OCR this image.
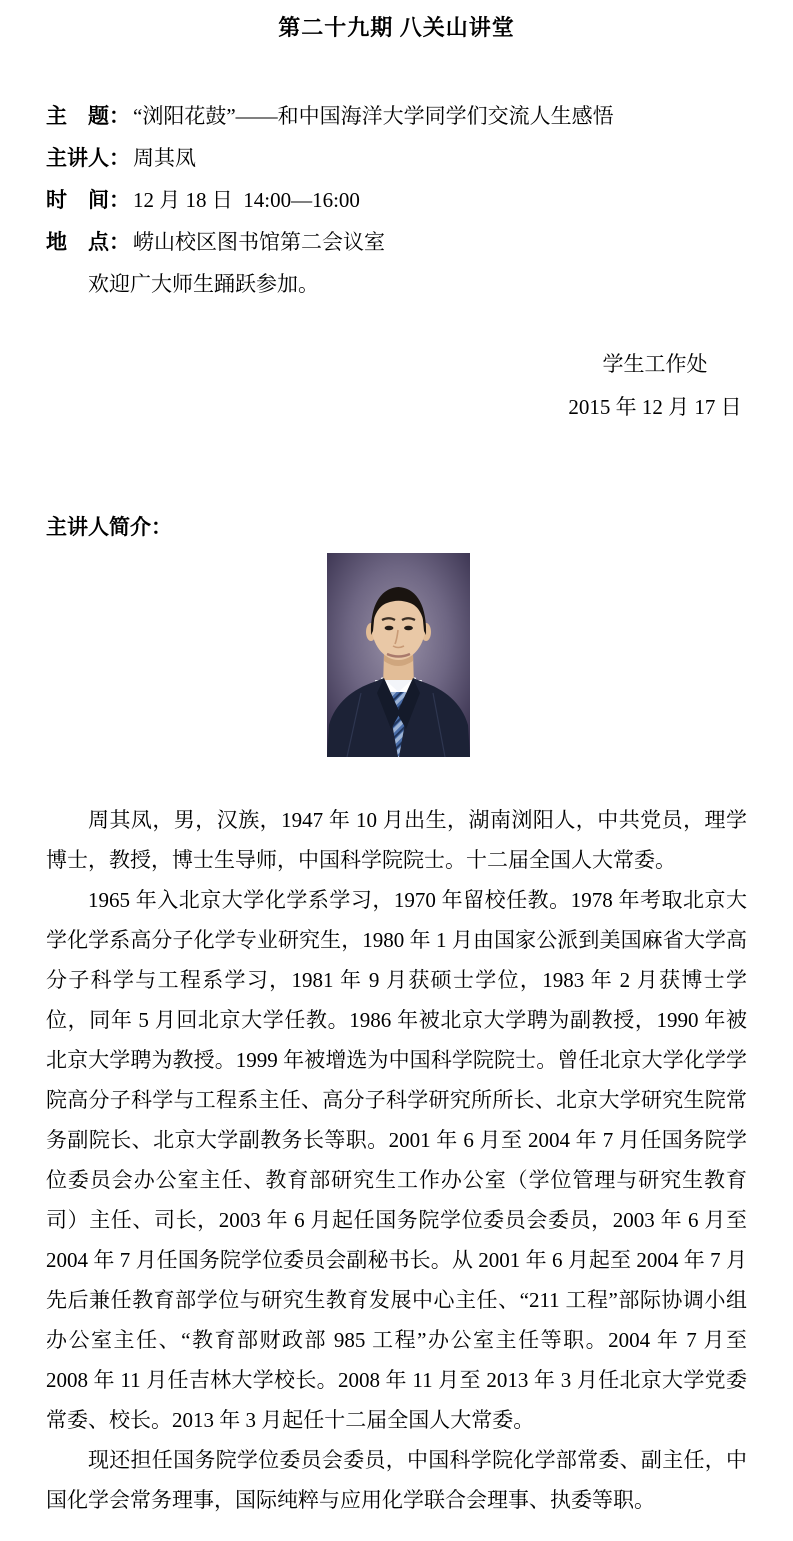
第二十九期 八关山讲堂
主　题： “浏阳花鼓”——和中国海洋大学同学们交流人生感悟
主讲人： 周其凤
时　间： 12 月 18 日  14:00—16:00
地　点： 崂山校区图书馆第二会议室
欢迎广大师生踊跃参加。
学生工作处
2015 年 12 月 17 日
主讲人简介：

周其凤，男，汉族，1947 年 10 月出生，湖南浏阳人，中共党员，理学博士，教授，博士生导师，中国科学院院士。十二届全国人大常委。

1965 年入北京大学化学系学习，1970 年留校任教。1978 年考取北京大学化学系高分子化学专业研究生，1980 年 1 月由国家公派到美国麻省大学高分子科学与工程系学习，1981 年 9 月获硕士学位，1983 年 2 月获博士学位，同年 5 月回北京大学任教。1986 年被北京大学聘为副教授，1990 年被北京大学聘为教授。1999 年被增选为中国科学院院士。曾任北京大学化学学院高分子科学与工程系主任、高分子科学研究所所长、北京大学研究生院常务副院长、北京大学副教务长等职。2001 年 6 月至 2004 年 7 月任国务院学位委员会办公室主任、教育部研究生工作办公室（学位管理与研究生教育司）主任、司长，2003 年 6 月起任国务院学位委员会委员，2003 年 6 月至 2004 年 7 月任国务院学位委员会副秘书长。从 2001 年 6 月起至 2004 年 7 月先后兼任教育部学位与研究生教育发展中心主任、“211 工程”部际协调小组办公室主任、“教育部财政部 985 工程”办公室主任等职。2004 年 7 月至 2008 年 11 月任吉林大学校长。2008 年 11 月至 2013 年 3 月任北京大学党委常委、校长。2013 年 3 月起任十二届全国人大常委。

现还担任国务院学位委员会委员，中国科学院化学部常委、副主任，中国化学会常务理事，国际纯粹与应用化学联合会理事、执委等职。
